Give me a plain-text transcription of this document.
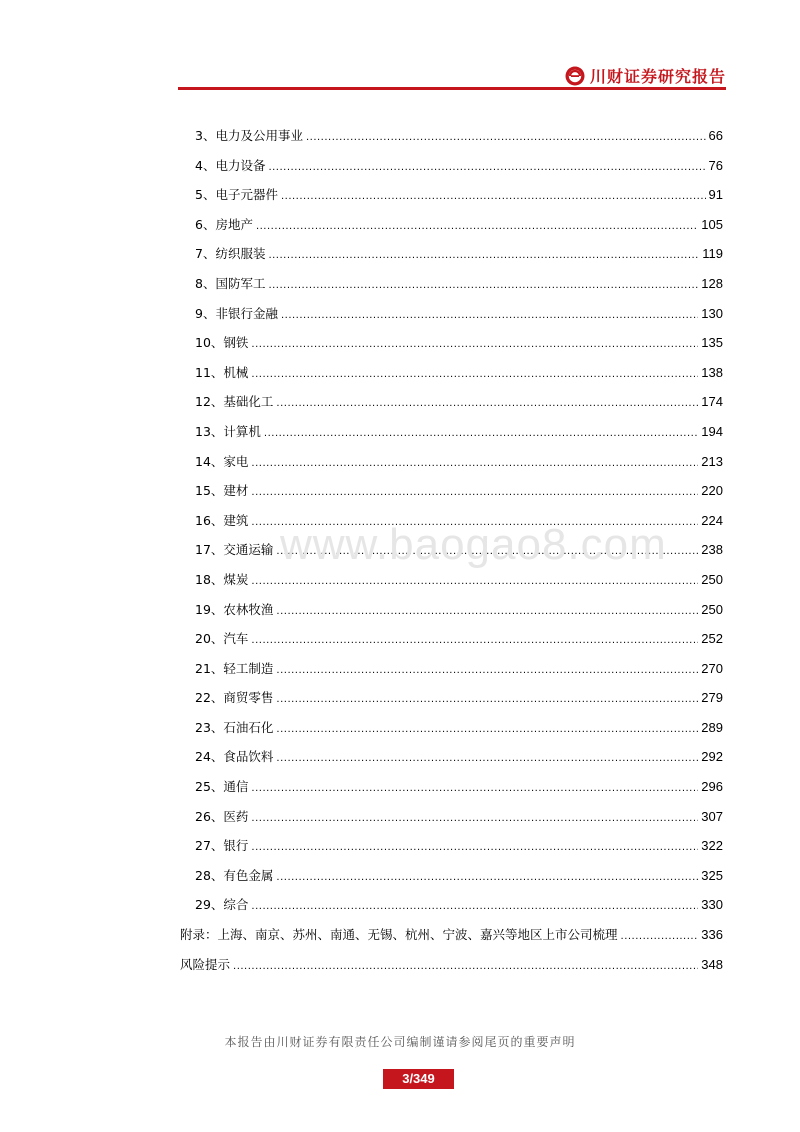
川财证券研究报告
3、电力及公用事业 .....	66
4、电力设备 .....	76
5、电子元器件 .....	91
6、房地产 .....	105
7、纺织服装 .....	119
8、国防军工 .....	128
9、非银行金融 .....	130
10、钢铁 .....	135
11、机械 .....	138
12、基础化工 .....	174
13、计算机 .....	194
14、家电 .....	213
15、建材 .....	220
16、建筑 .....	224
17、交通运输 .....	238
18、煤炭 .....	250
19、农林牧渔 .....	250
20、汽车 .....	252
21、轻工制造 .....	270
22、商贸零售 .....	279
23、石油石化 .....	289
24、食品饮料 .....	292
25、通信 .....	296
26、医药 .....	307
27、银行 .....	322
28、有色金属 .....	325
29、综合 .....	330
附录：上海、南京、苏州、南通、无锡、杭州、宁波、嘉兴等地区上市公司梳理 .....	336
风险提示 .....	348
www.baogao8.com
本报告由川财证券有限责任公司编制谨请参阅尾页的重要声明
3/349
